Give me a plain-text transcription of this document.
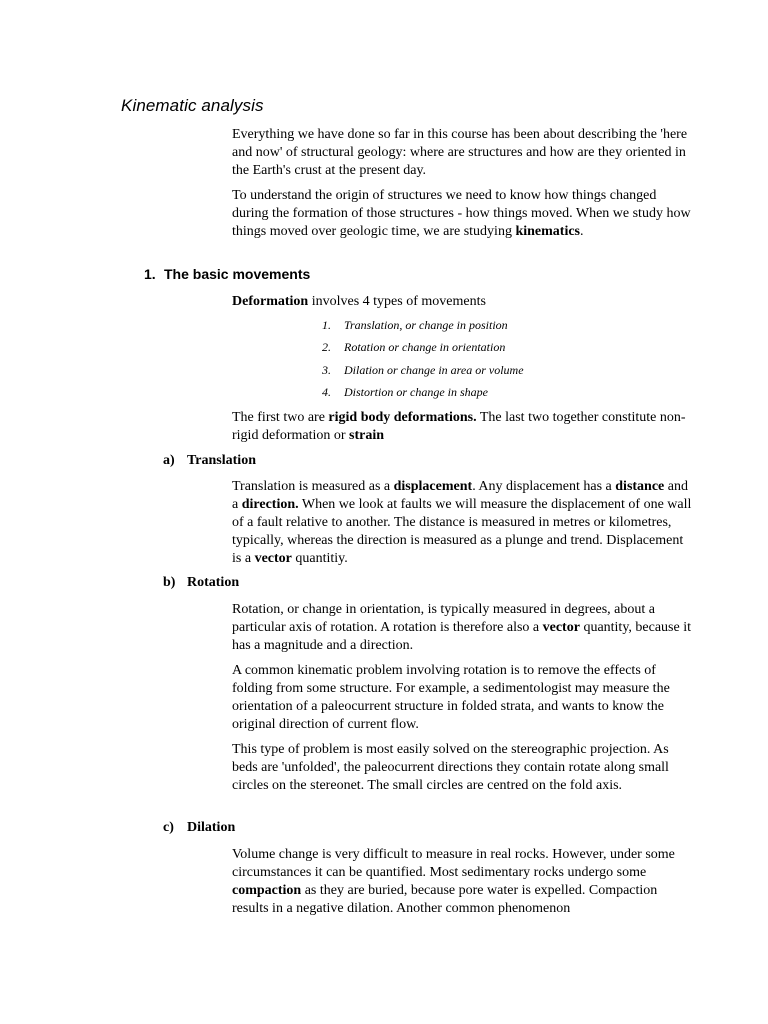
Kinematic analysis

Everything we have done so far in this course has been about describing the 'here and now' of structural geology: where are structures and how are they oriented in the Earth's crust at the present day.

To understand the origin of structures we need to know how things changed during the formation of those structures - how things moved. When we study how things moved over geologic time, we are studying kinematics.

1. The basic movements

Deformation involves 4 types of movements

1. Translation, or change in position
2. Rotation or change in orientation
3. Dilation or change in area or volume
4. Distortion or change in shape

The first two are rigid body deformations. The last two together constitute non-rigid deformation or strain

a) Translation

Translation is measured as a displacement. Any displacement has a distance and a direction. When we look at faults we will measure the displacement of one wall of a fault relative to another. The distance is measured in metres or kilometres, typically, whereas the direction is measured as a plunge and trend. Displacement is a vector quantitiy.

b) Rotation

Rotation, or change in orientation, is typically measured in degrees, about a particular axis of rotation. A rotation is therefore also a vector quantity, because it has a magnitude and a direction.

A common kinematic problem involving rotation is to remove the effects of folding from some structure. For example, a sedimentologist may measure the orientation of a paleocurrent structure in folded strata, and wants to know the original direction of current flow.

This type of problem is most easily solved on the stereographic projection. As beds are 'unfolded', the paleocurrent directions they contain rotate along small circles on the stereonet. The small circles are centred on the fold axis.

c) Dilation

Volume change is very difficult to measure in real rocks. However, under some circumstances it can be quantified. Most sedimentary rocks undergo some compaction as they are buried, because pore water is expelled. Compaction results in a negative dilation. Another common phenomenon
